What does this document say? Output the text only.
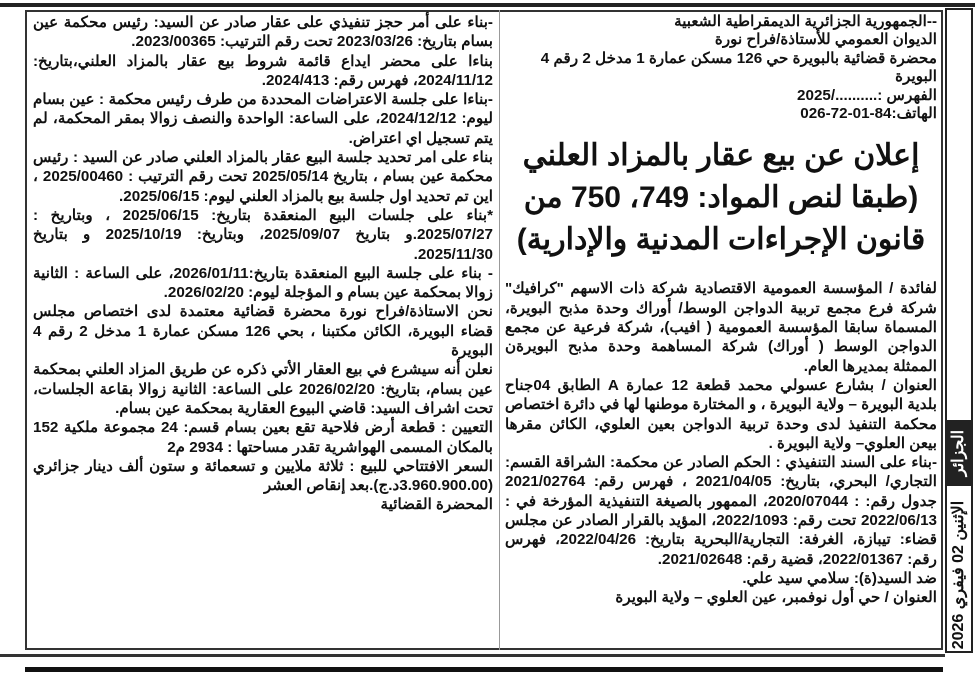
--الجمهورية الجزائرية الديمقراطية الشعبية

الديوان العمومي للأستاذة/فراح نورة

محضرة قضائية بالبويرة حي 126 مسكن عمارة 1 مدخل 2 رقم 4

البويرة

الفهرس :........../2025

الهاتف:84-01-72-026

إعلان عن بيع عقار بالمزاد العلني (طبقا لنص المواد: 749، 750 من قانون الإجراءات المدنية والإدارية)

لفائدة / المؤسسة العمومية الاقتصادية شركة ذات الاسهم "كرافيك" شركة فرع مجمع تربية الدواجن الوسط/ أوراك وحدة مذبح البويرة، المسماة سابقا المؤسسة العمومية ( افيب)، شركة فرعية عن مجمع الدواجن الوسط ( أوراك) شركة المساهمة وحدة مذبح البويرةن الممثلة بمديرها العام.

العنوان / بشارع عسولي محمد قطعة 12 عمارة A الطابق 04جناح بلدية البويرة – ولاية البويرة ، و المختارة موطنها لها في دائرة اختصاص محكمة التنفيذ لدى وحدة تربية الدواجن بعين العلوي، الكائن مقرها بيعن العلوي– ولاية البويرة .

-بناء على السند التنفيذي : الحكم الصادر عن محكمة: الشراقة القسم: التجاري/ البحري، بتاريخ: 2021/04/05 ، فهرس رقم: 2021/02764 جدول رقم: : 2020/07044، الممهور بالصيغة التنفيذية المؤرخة في : 2022/06/13 تحت رقم: 2022/1093، المؤيد بالقرار الصادر عن مجلس قضاء: تيبازة، الغرفة: التجارية/البحرية بتاريخ: 2022/04/26، فهرس رقم: 2022/01367، قضية رقم: 2021/02648.

ضد السيد(ة): سلامي سيد علي.

العنوان / حي أول نوفمبر، عين العلوي – ولاية البويرة

-بناء على أمر حجز تنفيذي على عقار صادر عن السيد: رئيس محكمة عين بسام بتاريخ: 2023/03/26 تحت رقم الترتيب: 2023/00365.

بناءا على محضر ايداع قائمة شروط بيع عقار بالمزاد العلني،بتاريخ: 2024/11/12، فهرس رقم: 2024/413.

-بناءا على جلسة الاعتراضات المحددة من طرف رئيس محكمة : عين بسام ليوم: 2024/12/12، على الساعة: الواحدة والنصف زوالا بمقر المحكمة، لم يتم تسجيل اي اعتراض.

بناء على امر تحديد جلسة البيع عقار بالمزاد العلني صادر عن السيد : رئيس محكمة عين بسام ، بتاريخ 2025/05/14 تحت رقم الترتيب : 2025/00460 ، اين تم تحديد اول جلسة بيع بالمزاد العلني ليوم: 2025/06/15.

*بناء على جلسات البيع المنعقدة بتاريخ: 2025/06/15 ، وبتاريخ : 2025/07/27.و بتاريخ 2025/09/07، وبتاريخ: 2025/10/19 و بتاريخ 2025/11/30.

- بناء على جلسة البيع المنعقدة بتاريخ:2026/01/11، على الساعة : الثانية زوالا بمحكمة عين بسام و المؤجلة ليوم: 2026/02/20.

نحن الاستاذة/فراح نورة محضرة قضائية معتمدة لدى اختصاص مجلس قضاء البويرة، الكائن مكتبنا ، بحي 126 مسكن عمارة 1 مدخل 2 رقم 4 البويرة

نعلن أنه سيشرع في بيع العقار الأتي ذكره عن طريق المزاد العلني بمحكمة عين بسام، بتاريخ: 2026/02/20 على الساعة: الثانية زوالا بقاعة الجلسات، تحت اشراف السيد: قاضي البيوع العقارية بمحكمة عين بسام.

التعيين : قطعة أرض فلاحية تقع بعين بسام قسم: 24 مجموعة ملكية 152 بالمكان المسمى الهواشرية تقدر مساحتها : 2934 م2

السعر الافتتاحي للبيع : ثلاثة ملايين و تسعمائة و ستون ألف دينار جزائري (3.960.900.00د.ج).بعد إنقاص العشر

المحضرة القضائية

الجزائر
الإثنين 02 فيفري 2026
